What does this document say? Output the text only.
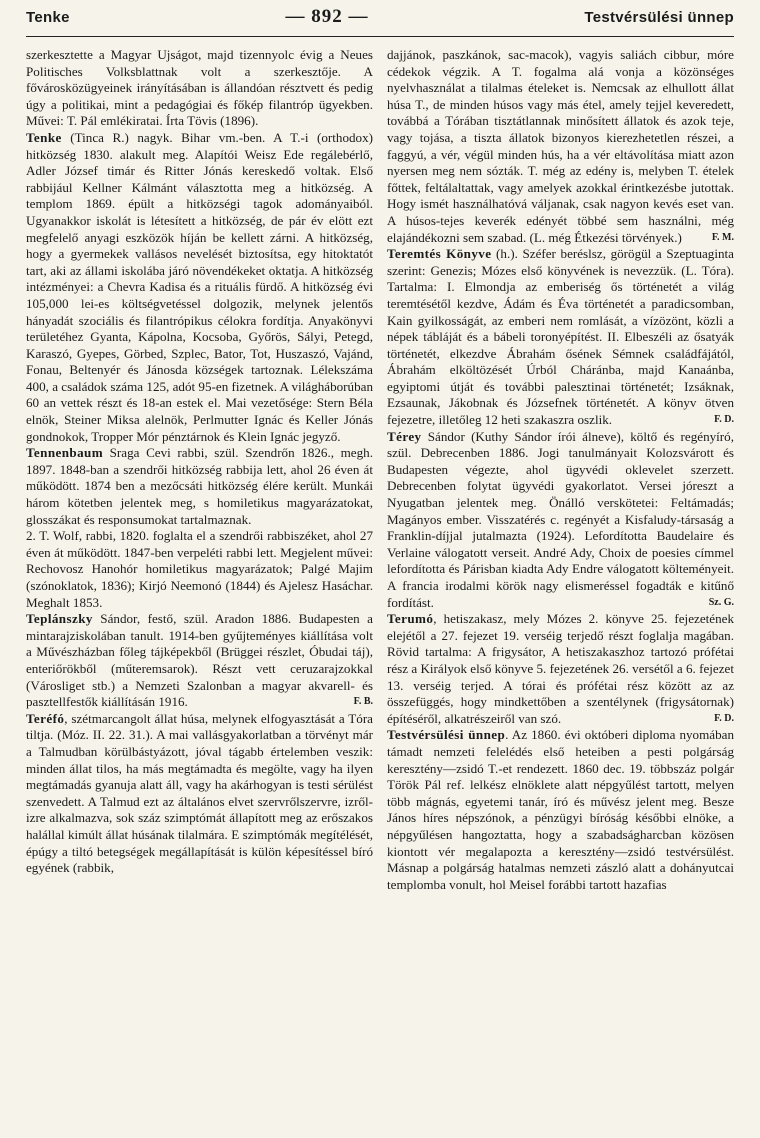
Tenke	— 892 —	Testvérsülési ünnep

szerkesztette a Magyar Ujságot, majd tizennyolc évig a Neues Politisches Volksblattnak volt a szerkesztője. A fővárosközügyeinek irányításában is állandóan résztvett és pedig úgy a politikai, mint a pedagógiai és főkép filantróp ügyekben. Művei: T. Pál emlékiratai. Írta Tövis (1896).

Tenke (Tinca R.) nagyk. Bihar vm.-ben. A T.-i (orthodox) hitközség 1830. alakult meg. Alapítói Weisz Ede regálebérlő, Adler József timár és Ritter Jónás kereskedő voltak. Első rabbijául Kellner Kálmánt választotta meg a hitközség. A templom 1869. épült a hitközségi tagok adományaiból. Ugyanakkor iskolát is létesített a hitközség, de pár év elött ezt megfelelő anyagi eszközök híján be kellett zárni. A hitközség, hogy a gyermekek vallásos nevelését biztosítsa, egy hitoktatót tart, aki az állami iskolába járó növendékeket oktatja. A hitközség intézményei: a Chevra Kadisa és a rituális fürdő. A hitközség évi 105,000 lei-es költségvetéssel dolgozik, melynek jelentős hányadát szociális és filantrópikus célokra fordítja. Anyakönyvi területéhez Gyanta, Kápolna, Kocsoba, Győrös, Sályi, Petegd, Karaszó, Gyepes, Görbed, Szplec, Bator, Tot, Huszaszó, Vajánd, Fonau, Beltenyér és Jánosda községek tartoznak. Lélekszáma 400, a családok száma 125, adót 95-en fizetnek. A világháborúban 60 an vettek részt és 18-an estek el. Mai vezetősége: Stern Béla elnök, Steiner Miksa alelnök, Perlmutter Ignác és Keller Jónás gondnokok, Tropper Mór pénztárnok és Klein Ignác jegyző.

Tennenbaum Sraga Cevi rabbi, szül. Szendrőn 1826., megh. 1897. 1848-ban a szendrői hitközség rabbija lett, ahol 26 éven át működött. 1874 ben a mezőcsáti hitközség élére került. Munkái három kötetben jelentek meg, s homiletikus magyarázatokat, glosszákat és responsumokat tartalmaznak.

2. T. Wolf, rabbi, 1820. foglalta el a szendrői rabbiszéket, ahol 27 éven át működött. 1847-ben verpeléti rabbi lett. Megjelent művei: Rechovosz Hanohór homiletikus magyarázatok; Palgé Majim (szónoklatok, 1836); Kirjó Neemonó (1844) és Ajelesz Hasáchar. Meghalt 1853.

Teplánszky Sándor, festő, szül. Aradon 1886. Budapesten a mintarajziskolában tanult. 1914-ben gyűjteményes kiállítása volt a Művészházban főleg tájképekből (Brüggei részlet, Óbudai táj), enteriőrökből (műteremsarok). Részt vett ceruzarajzokkal (Városliget stb.) a Nemzeti Szalonban a magyar akvarell- és pasztellfestők kiállításán 1916.	F. B.

Teréfó, szétmarcangolt állat húsa, melynek elfogyasztását a Tóra tiltja. (Móz. II. 22. 31.). A mai vallásgyakorlatban a törvényt már a Talmudban körülbástyázott, jóval tágabb értelemben veszik: minden állat tilos, ha más megtámadta és megölte, vagy ha ilyen megtámadás gyanuja alatt áll, vagy ha akárhogyan is testi sérülést szenvedett. A Talmud ezt az általános elvet szervrőlszervre, izről-izre alkalmazva, sok száz szimptómát állapított meg az erőszakos halállal kimúlt állat húsának tilalmára. E szimptómák megítélését, épúgy a tiltó betegségek megállapítását is külön képesítéssel bíró egyének (rabbik,

dajjánok, paszkánok, sac-macok), vagyis saliách cibbur, móre cédekok végzik. A T. fogalma alá vonja a közönséges nyelvhasználat a tilalmas ételeket is. Nemcsak az elhullott állat húsa T., de minden húsos vagy más étel, amely tejjel keveredett, továbbá a Tórában tisztátlannak minősített állatok és azok teje, vagy tojása, a tiszta állatok bizonyos kierezhetetlen részei, a faggyú, a vér, végül minden hús, ha a vér eltávolítása miatt azon nyersen meg nem sózták. T. még az edény is, melyben T. ételek főttek, feltálaltattak, vagy amelyek azokkal érintkezésbe jutottak. Hogy ismét használhatóvá váljanak, csak nagyon kevés eset van. A húsos-tejes keverék edényét többé sem használni, még elajándékozni sem szabad. (L. még Étkezési törvények.)	F. M.

Teremtés Könyve (h.). Széfer beréslsz, görögül a Szeptuaginta szerint: Genezis; Mózes első könyvének is nevezzük. (L. Tóra). Tartalma: I. Elmondja az emberiség ős történetét a világ teremtésétől kezdve, Ádám és Éva történetét a paradicsomban, Kain gyilkosságát, az emberi nem romlását, a vízözönt, közli a népek tábláját és a bábeli toronyépítést. II. Elbeszéli az ősatyák történetét, elkezdve Ábrahám ősének Sémnek családfájától, Ábrahám elköltözését Úrból Cháránba, majd Kanaánba, egyiptomi útját és további palesztinai történetét; Izsáknak, Ezsaunak, Jákobnak és Józsefnek történetét. A könyv ötven fejezetre, illetőleg 12 heti szakaszra oszlik.	F. D.

Térey Sándor (Kuthy Sándor írói álneve), költő és regényíró, szül. Debrecenben 1886. Jogi tanulmányait Kolozsvárott és Budapesten végezte, ahol ügyvédi oklevelet szerzett. Debrecenben folytat ügyvédi gyakorlatot. Versei jóreszt a Nyugatban jelentek meg. Önálló verskötetei: Feltámadás; Magányos ember. Visszatérés c. regényét a Kisfaludy-társaság a Franklin-díjjal jutalmazta (1924). Lefordította Baudelaire és Verlaine válogatott verseit. André Ady, Choix de poesies címmel lefordította és Párisban kiadta Ady Endre válogatott költeményeit. A francia irodalmi körök nagy elismeréssel fogadták e kitűnő fordítást.	Sz. G.

Terumó, hetiszakasz, mely Mózes 2. könyve 25. fejezetének elejétől a 27. fejezet 19. verséig terjedő részt foglalja magában. Rövid tartalma: A frigysátor, A hetiszakaszhoz tartozó prófétai rész a Királyok első könyve 5. fejezetének 26. versétől a 6. fejezet 13. verséig terjed. A tórai és prófétai rész között az az összefüggés, hogy mindkettőben a szentélynek (frigysátornak) építéséről, alkatrészeiről van szó.	F. D.

Testvérsülési ünnep. Az 1860. évi októberi diploma nyomában támadt nemzeti felelédés első heteiben a pesti polgárság keresztény—zsidó T.-et rendezett. 1860 dec. 19. többszáz polgár Török Pál ref. lelkész elnöklete alatt népgyűlést tartott, melyen több mágnás, egyetemi tanár, író és művész jelent meg. Besze János híres népszónok, a pénzügyi bíróság későbbi elnöke, a népgyűlésen hangoztatta, hogy a szabadságharcban közösen kiontott vér megalapozta a keresztény—zsidó testvérsülést. Másnap a polgárság hatalmas nemzeti zászló alatt a dohányutcai templomba vonult, hol Meisel forábbi tartott hazafias
